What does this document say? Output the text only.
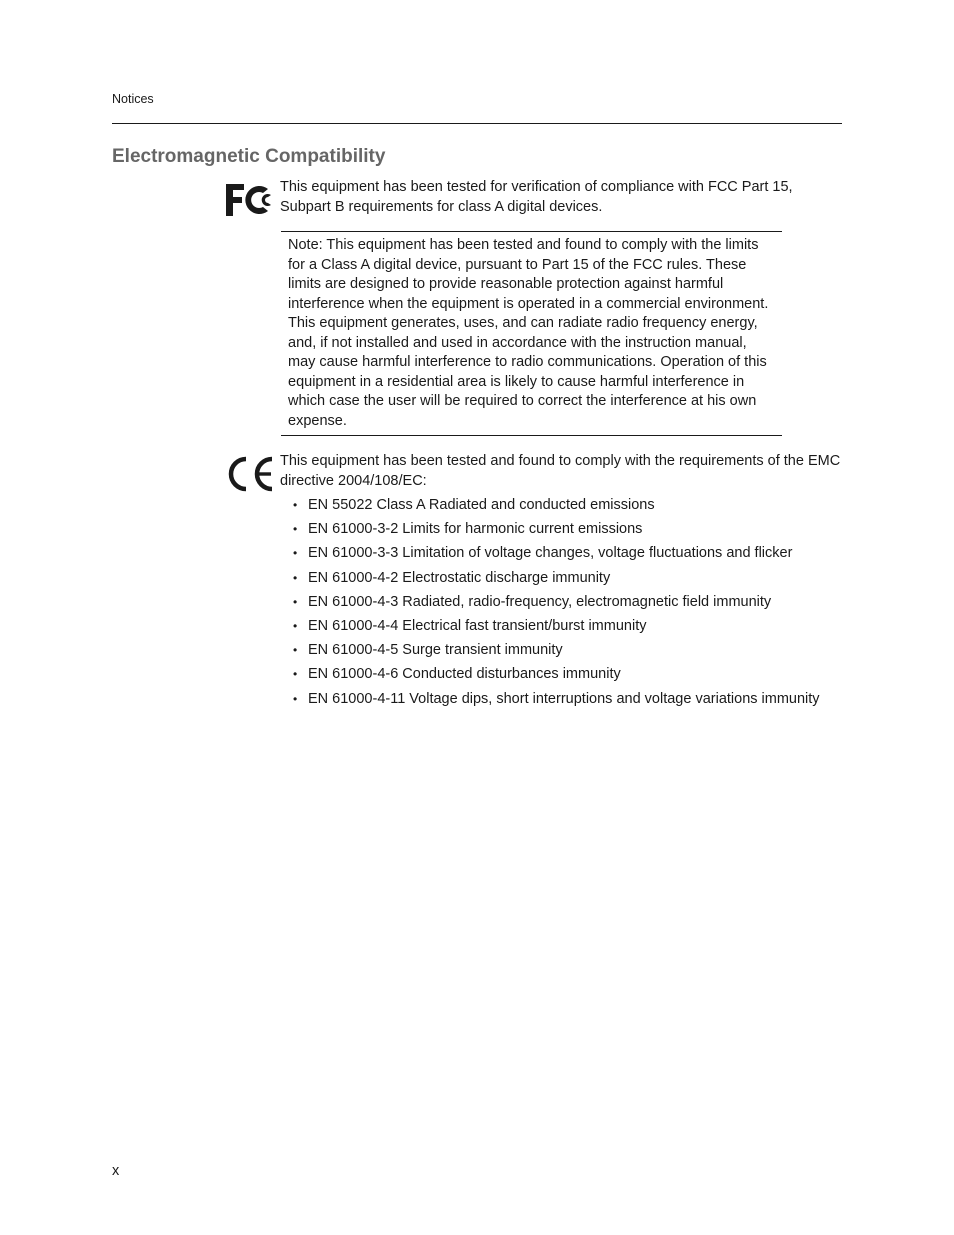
Notices
Electromagnetic Compatibility

This equipment has been tested for verification of compliance with FCC Part 15, Subpart B requirements for class A digital devices.

Note: This equipment has been tested and found to comply with the limits for a Class A digital device, pursuant to Part 15 of the FCC rules. These limits are designed to provide reasonable protection against harmful interference when the equipment is operated in a commercial environment. This equipment generates, uses, and can radiate radio frequency energy, and, if not installed and used in accordance with the instruction manual, may cause harmful interference to radio communications. Operation of this equipment in a residential area is likely to cause harmful interference in which case the user will be required to correct the interference at his own expense.

This equipment has been tested and found to comply with the requirements of the EMC directive 2004/108/EC:

• EN 55022 Class A Radiated and conducted emissions
• EN 61000-3-2 Limits for harmonic current emissions
• EN 61000-3-3 Limitation of voltage changes, voltage fluctuations and flicker
• EN 61000-4-2 Electrostatic discharge immunity
• EN 61000-4-3 Radiated, radio-frequency, electromagnetic field immunity
• EN 61000-4-4 Electrical fast transient/burst immunity
• EN 61000-4-5 Surge transient immunity
• EN 61000-4-6 Conducted disturbances immunity
• EN 61000-4-11 Voltage dips, short interruptions and voltage variations immunity
x
